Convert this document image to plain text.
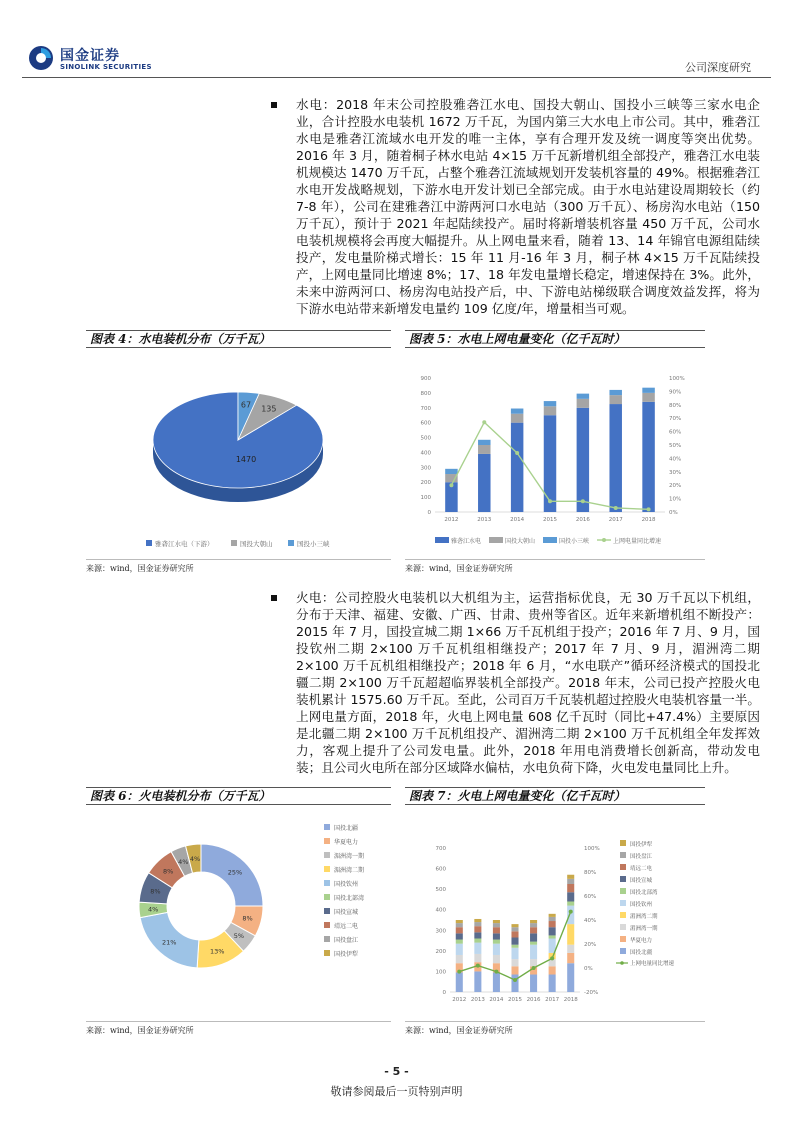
国金证券
SINOLINK SECURITIES	公司深度研究
水电：2018 年末公司控股雅砻江水电、国投大朝山、国投小三峡等三家水电企业，合计控股水电装机 1672 万千瓦，为国内第三大水电上市公司。其中，雅砻江水电是雅砻江流域水电开发的唯一主体，享有合理开发及统一调度等突出优势。2016 年 3 月，随着桐子林水电站 4×15 万千瓦新增机组全部投产，雅砻江水电装机规模达 1470 万千瓦，占整个雅砻江流域规划开发装机容量的 49%。根据雅砻江水电开发战略规划，下游水电开发计划已全部完成。由于水电站建设周期较长（约 7-8 年），公司在建雅砻江中游两河口水电站（300 万千瓦）、杨房沟水电站（150 万千瓦），预计于 2021 年起陆续投产。届时将新增装机容量 450 万千瓦，公司水电装机规模将会再度大幅提升。从上网电量来看，随着 13、14 年锦官电源组陆续投产，发电量阶梯式增长：15 年 11 月-16 年 3 月，桐子林 4×15 万千瓦陆续投产，上网电量同比增速 8%；17、18 年发电量增长稳定，增速保持在 3%。此外，未来中游两河口、杨房沟电站投产后，中、下游电站梯级联合调度效益发挥，将为下游水电站带来新增发电量约 109 亿度/年，增量相当可观。
图表 4：水电装机分布（万千瓦）
1470
135
67
雅砻江水电（下游）	国投大朝山	国投小三峡
来源：wind，国金证券研究所
图表 5：水电上网电量变化（亿千瓦时）
0
100
200
300
400
500
600
700
800
900
0%
10%
20%
30%
40%
50%
60%
70%
80%
90%
100%
2012	2013	2014	2015	2016	2017	2018
雅砻江水电	国投大朝山	国投小三峡	上网电量同比增速
来源：wind，国金证券研究所
火电：公司控股火电装机以大机组为主，运营指标优良，无 30 万千瓦以下机组，分布于天津、福建、安徽、广西、甘肃、贵州等省区。近年来新增机组不断投产：2015 年 7 月，国投宣城二期 1×66 万千瓦机组于投产；2016 年 7 月、9 月，国投钦州二期 2×100 万千瓦机组相继投产；2017 年 7 月、9 月，湄洲湾二期 2×100 万千瓦机组相继投产；2018 年 6 月，“水电联产”循环经济模式的国投北疆二期 2×100 万千瓦超超临界装机全部投产。2018 年末，公司已投产控股火电装机累计 1575.60 万千瓦。至此，公司百万千瓦装机超过控股火电装机容量一半。上网电量方面，2018 年，火电上网电量 608 亿千瓦时（同比+47.4%）主要原因是北疆二期 2×100 万千瓦机组投产、湄洲湾二期 2×100 万千瓦机组全年发挥效力，客观上提升了公司发电量。此外，2018 年用电消费增长创新高，带动发电装；且公司火电所在部分区域降水偏枯，水电负荷下降，火电发电量同比上升。
图表 6：火电装机分布（万千瓦）
25%
8%
5%
13%
21%
4%
8%
8%
4% 4%
国投北疆
华夏电力
湄洲湾一期
湄洲湾二期
国投钦州
国投北部湾
国投宣城
靖远二电
国投盘江
国投伊犁
来源：wind，国金证券研究所
图表 7：火电上网电量变化（亿千瓦时）
0
100
200
300
400
500
600
700
-20%
0%
20%
40%
60%
80%
100%
2012 2013 2014 2015 2016 2017 2018
国投伊犁
国投盘江
靖远二电
国投宣城
国投北部湾
国投钦州
湄洲湾二期
湄洲湾一期
华夏电力
国投北疆
上网电量同比增速
来源：wind，国金证券研究所
- 5 -
敬请参阅最后一页特别声明
